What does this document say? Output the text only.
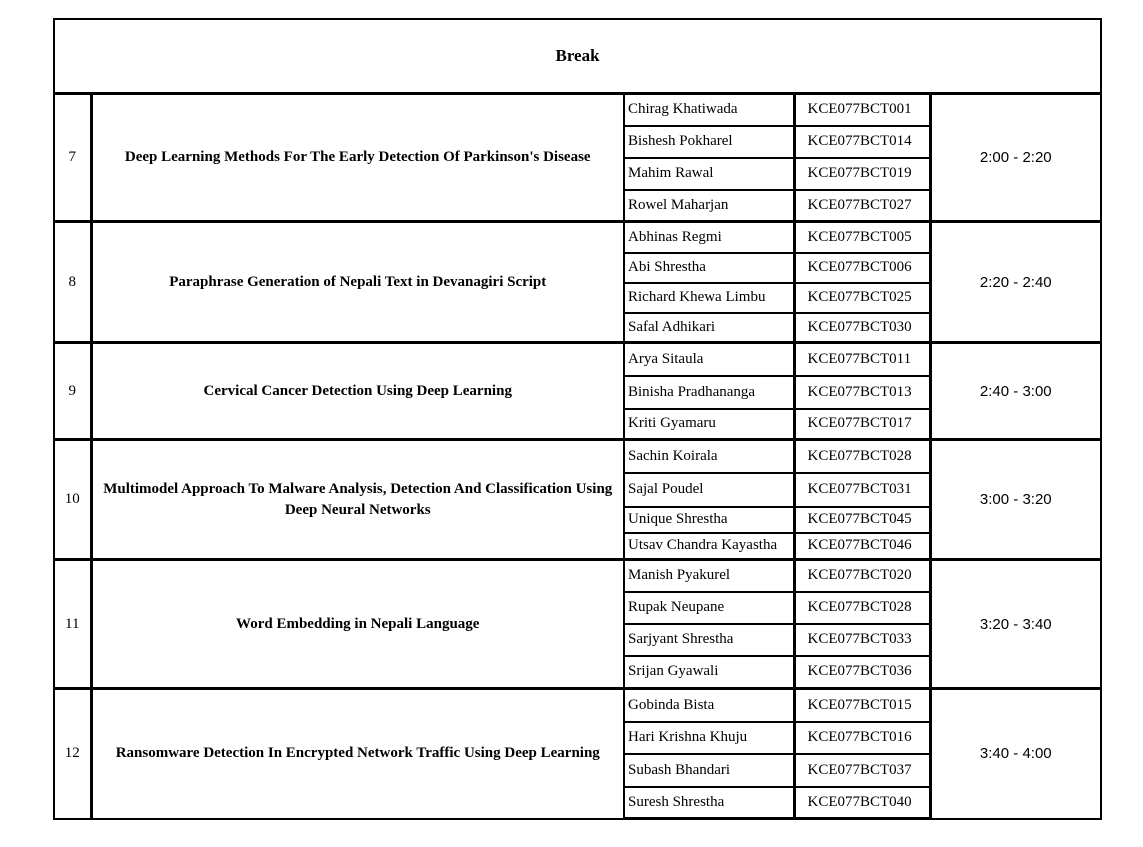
Break				
7	Deep Learning Methods For The Early Detection Of Parkinson's Disease	Chirag Khatiwada	KCE077BCT001	2:00 - 2:20
		Bishesh Pokharel	KCE077BCT014	
		Mahim Rawal	KCE077BCT019	
		Rowel Maharjan	KCE077BCT027	
8	Paraphrase Generation of Nepali Text in Devanagiri Script	Abhinas Regmi	KCE077BCT005	2:20 - 2:40
		Abi Shrestha	KCE077BCT006	
		Richard Khewa Limbu	KCE077BCT025	
		Safal Adhikari	KCE077BCT030	
9	Cervical Cancer Detection Using Deep Learning	Arya Sitaula	KCE077BCT011	2:40 - 3:00
		Binisha Pradhananga	KCE077BCT013	
		Kriti Gyamaru	KCE077BCT017	
10	Multimodel Approach To Malware Analysis, Detection And Classification Using Deep Neural Networks	Sachin Koirala	KCE077BCT028	3:00 - 3:20
		Sajal Poudel	KCE077BCT031	
		Unique Shrestha	KCE077BCT045	
		Utsav Chandra Kayastha	KCE077BCT046	
11	Word Embedding in Nepali Language	Manish Pyakurel	KCE077BCT020	3:20 - 3:40
		Rupak Neupane	KCE077BCT028	
		Sarjyant Shrestha	KCE077BCT033	
		Srijan Gyawali	KCE077BCT036	
12	Ransomware Detection In Encrypted Network Traffic Using Deep Learning	Gobinda Bista	KCE077BCT015	3:40 - 4:00
		Hari Krishna Khuju	KCE077BCT016	
		Subash Bhandari	KCE077BCT037	
		Suresh Shrestha	KCE077BCT040	
